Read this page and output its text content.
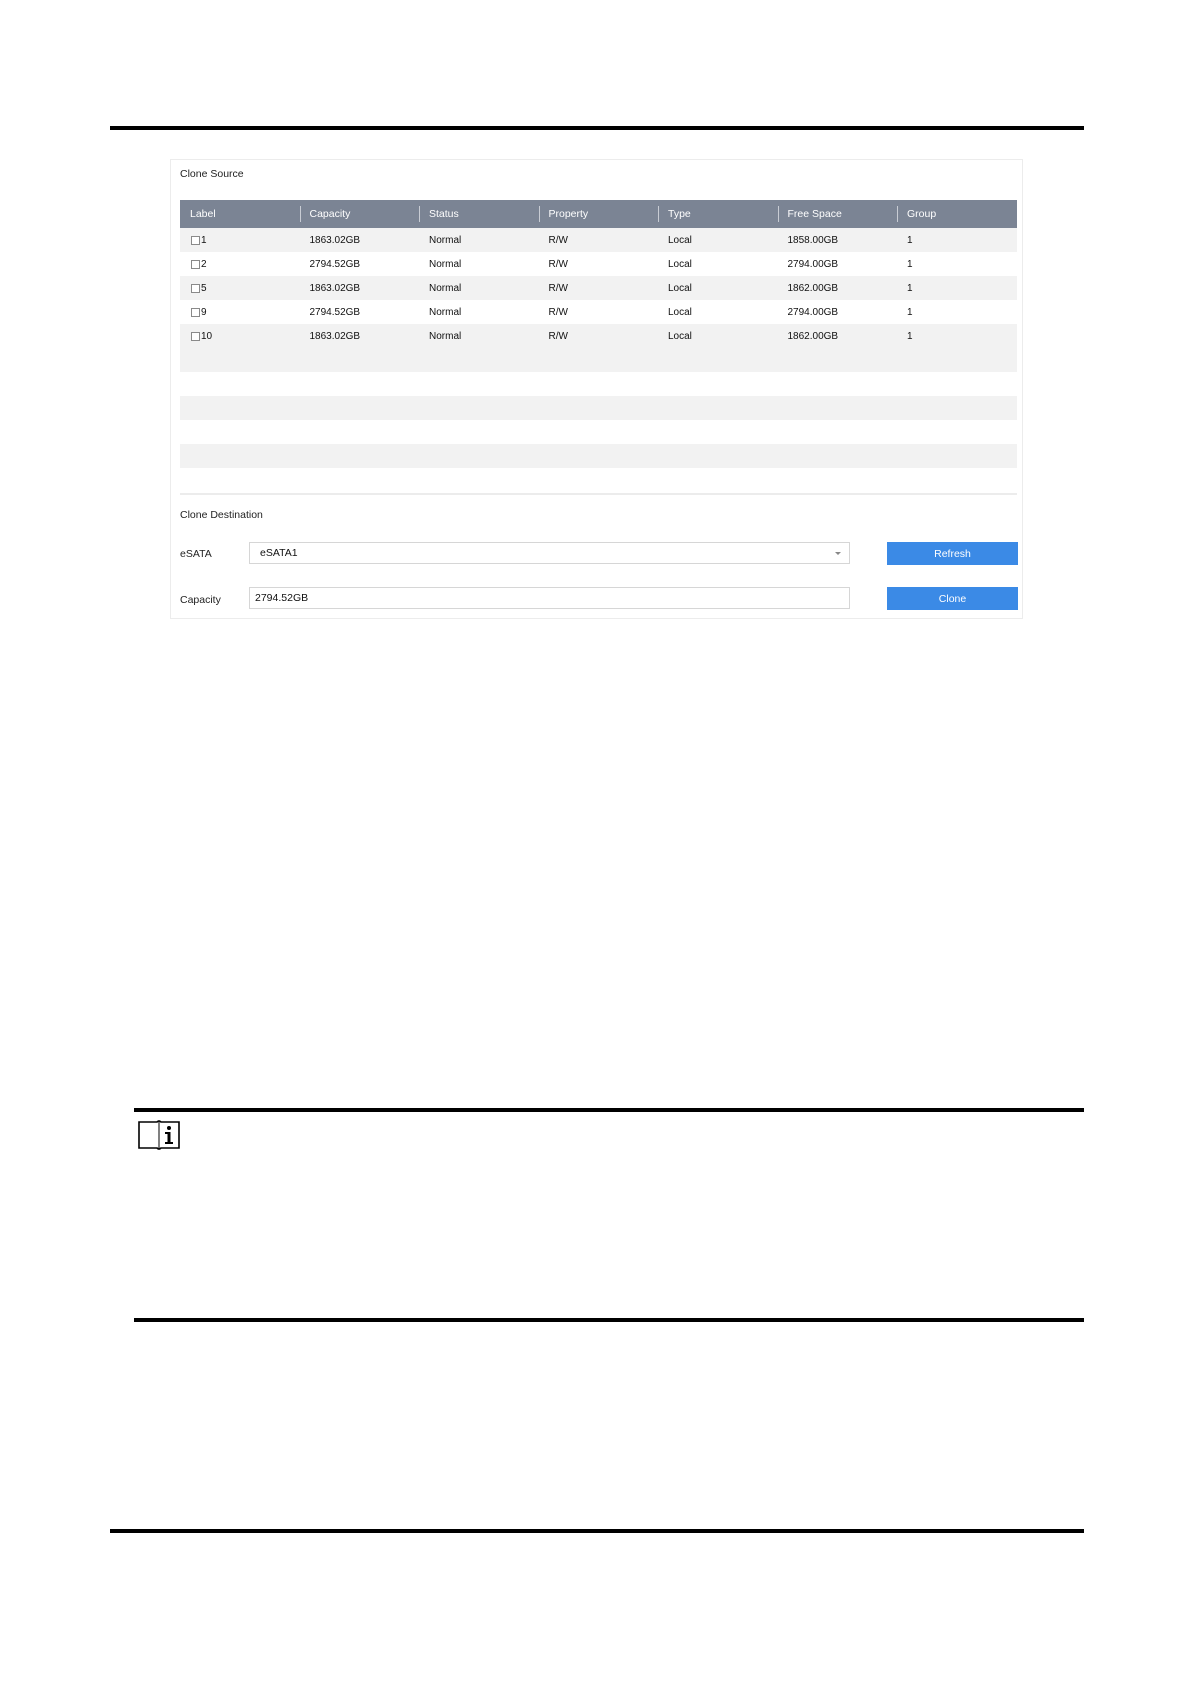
Clone Source
Label	Capacity	Status	Property	Type	Free Space	Group
1	1863.02GB	Normal	R/W	Local	1858.00GB	1
2	2794.52GB	Normal	R/W	Local	2794.00GB	1
5	1863.02GB	Normal	R/W	Local	1862.00GB	1
9	2794.52GB	Normal	R/W	Local	2794.00GB	1
10	1863.02GB	Normal	R/W	Local	1862.00GB	1
Clone Destination
eSATA	eSATA1	Refresh
Capacity	2794.52GB	Clone
